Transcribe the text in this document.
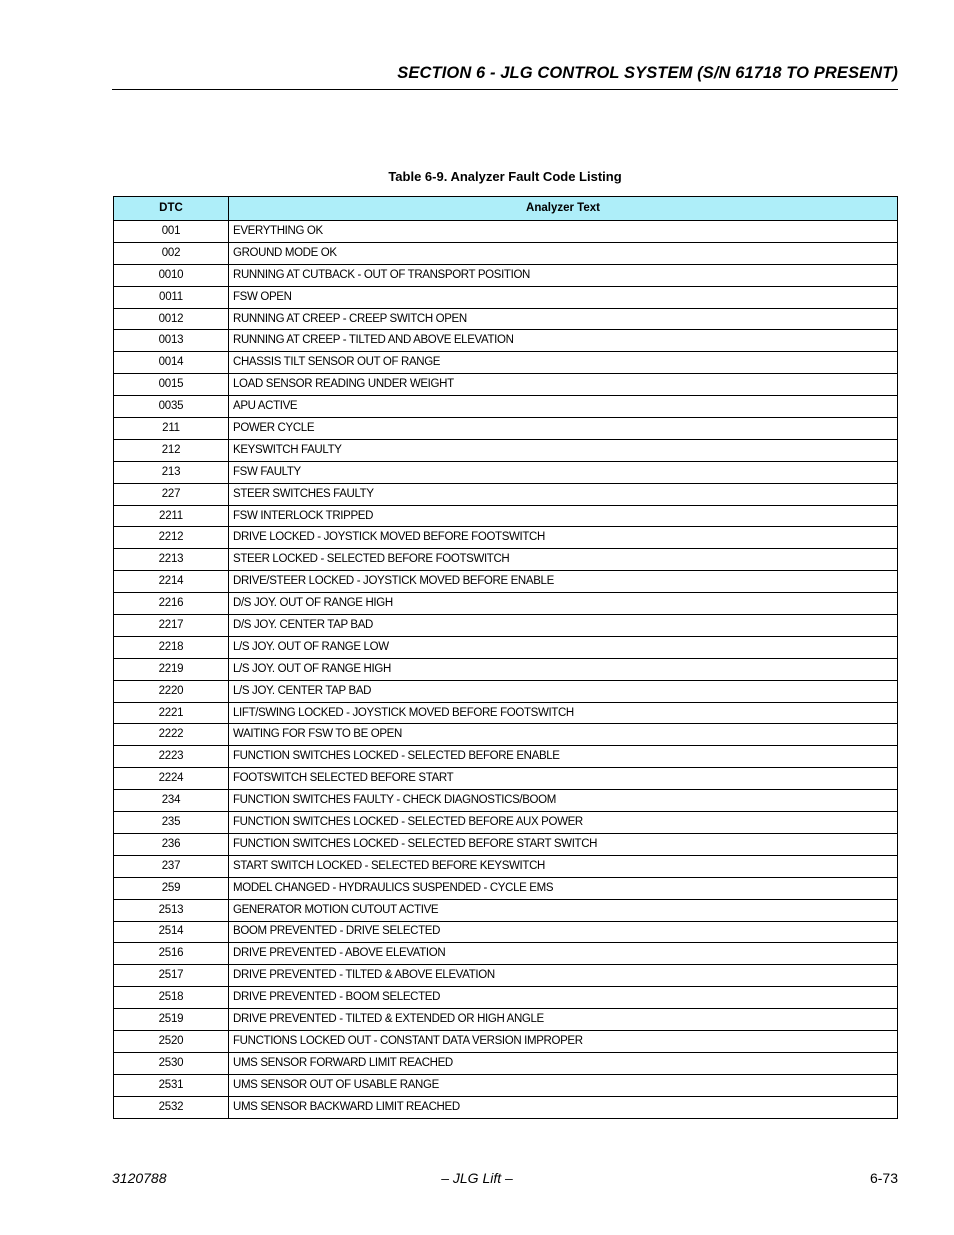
SECTION 6 - JLG CONTROL SYSTEM (S/N 61718 TO PRESENT)
Table 6-9. Analyzer Fault Code Listing
DTC	Analyzer Text
001	EVERYTHING OK
002	GROUND MODE OK
0010	RUNNING AT CUTBACK - OUT OF TRANSPORT POSITION
0011	FSW OPEN
0012	RUNNING AT CREEP - CREEP SWITCH OPEN
0013	RUNNING AT CREEP - TILTED AND ABOVE ELEVATION
0014	CHASSIS TILT SENSOR OUT OF RANGE
0015	LOAD SENSOR READING UNDER WEIGHT
0035	APU ACTIVE
211	POWER CYCLE
212	KEYSWITCH FAULTY
213	FSW FAULTY
227	STEER SWITCHES FAULTY
2211	FSW INTERLOCK TRIPPED
2212	DRIVE LOCKED - JOYSTICK MOVED BEFORE FOOTSWITCH
2213	STEER LOCKED - SELECTED BEFORE FOOTSWITCH
2214	DRIVE/STEER LOCKED - JOYSTICK MOVED BEFORE ENABLE
2216	D/S JOY. OUT OF RANGE HIGH
2217	D/S JOY. CENTER TAP BAD
2218	L/S JOY. OUT OF RANGE LOW
2219	L/S JOY. OUT OF RANGE HIGH
2220	L/S JOY. CENTER TAP BAD
2221	LIFT/SWING LOCKED - JOYSTICK MOVED BEFORE FOOTSWITCH
2222	WAITING FOR FSW TO BE OPEN
2223	FUNCTION SWITCHES LOCKED - SELECTED BEFORE ENABLE
2224	FOOTSWITCH SELECTED BEFORE START
234	FUNCTION SWITCHES FAULTY - CHECK DIAGNOSTICS/BOOM
235	FUNCTION SWITCHES LOCKED - SELECTED BEFORE AUX POWER
236	FUNCTION SWITCHES LOCKED - SELECTED BEFORE START SWITCH
237	START SWITCH LOCKED - SELECTED BEFORE KEYSWITCH
259	MODEL CHANGED - HYDRAULICS SUSPENDED - CYCLE EMS
2513	GENERATOR MOTION CUTOUT ACTIVE
2514	BOOM PREVENTED - DRIVE SELECTED
2516	DRIVE PREVENTED - ABOVE ELEVATION
2517	DRIVE PREVENTED - TILTED & ABOVE ELEVATION
2518	DRIVE PREVENTED - BOOM SELECTED
2519	DRIVE PREVENTED - TILTED & EXTENDED OR HIGH ANGLE
2520	FUNCTIONS LOCKED OUT - CONSTANT DATA VERSION IMPROPER
2530	UMS SENSOR FORWARD LIMIT REACHED
2531	UMS SENSOR OUT OF USABLE RANGE
2532	UMS SENSOR BACKWARD LIMIT REACHED
3120788	– JLG Lift –	6-73
